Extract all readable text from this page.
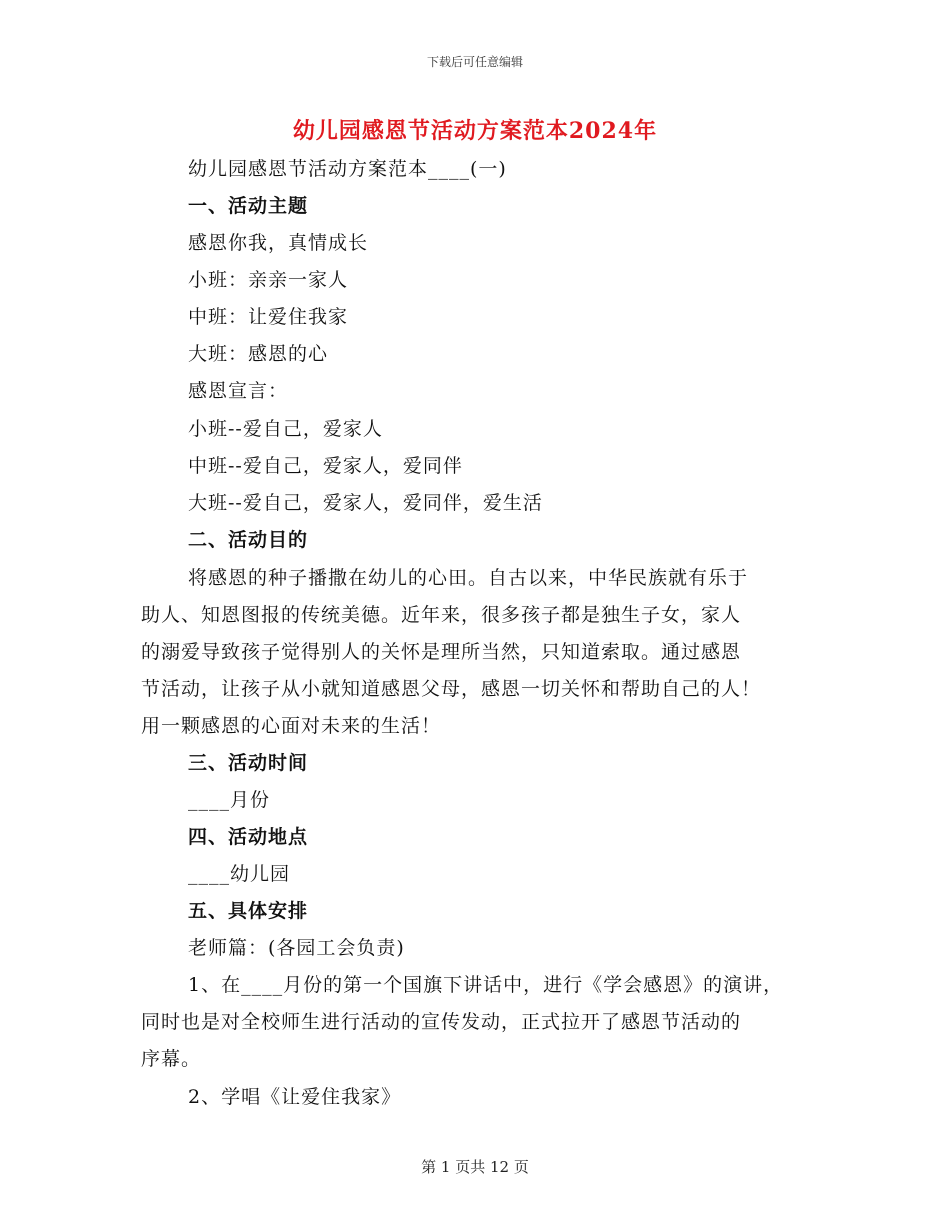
下载后可任意编辑
幼儿园感恩节活动方案范本2024年
幼儿园感恩节活动方案范本____(一)
一、活动主题
感恩你我，真情成长
小班：亲亲一家人
中班：让爱住我家
大班：感恩的心
感恩宣言：
小班--爱自己，爱家人
中班--爱自己，爱家人，爱同伴
大班--爱自己，爱家人，爱同伴，爱生活
二、活动目的
将感恩的种子播撒在幼儿的心田。自古以来，中华民族就有乐于
助人、知恩图报的传统美德。近年来，很多孩子都是独生子女，家人
的溺爱导致孩子觉得别人的关怀是理所当然，只知道索取。通过感恩
节活动，让孩子从小就知道感恩父母，感恩一切关怀和帮助自己的人！
用一颗感恩的心面对未来的生活！
三、活动时间
____月份
四、活动地点
____幼儿园
五、具体安排
老师篇：(各园工会负责)
1、在____月份的第一个国旗下讲话中，进行《学会感恩》的演讲，
同时也是对全校师生进行活动的宣传发动，正式拉开了感恩节活动的
序幕。
2、学唱《让爱住我家》
第 1 页共 12 页
